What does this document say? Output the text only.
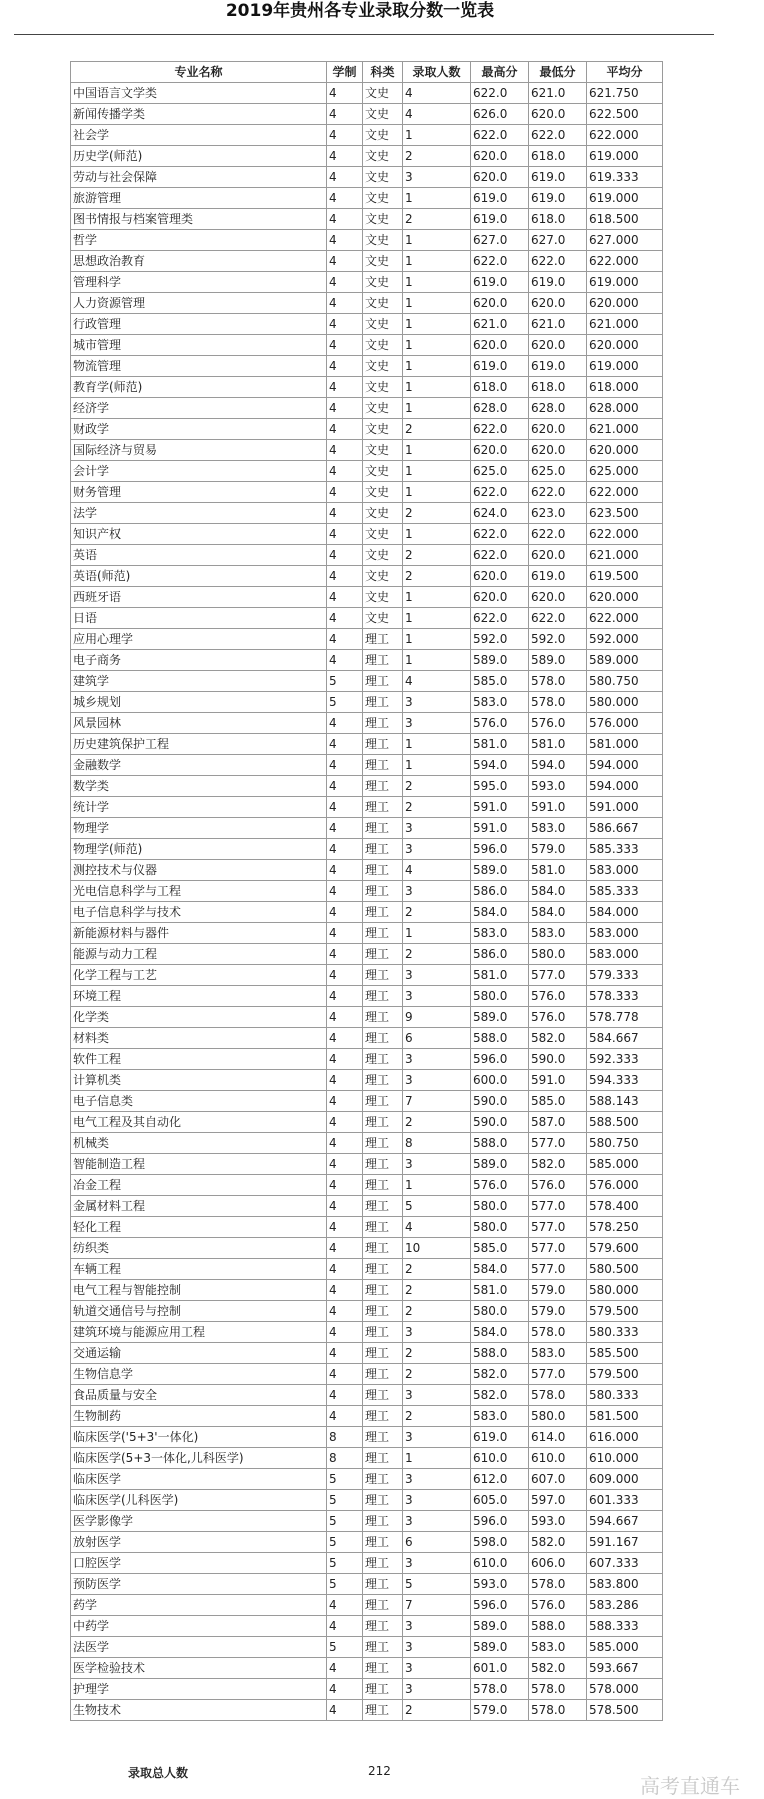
2019年贵州各专业录取分数一览表
专业名称	学制	科类	录取人数	最高分	最低分	平均分
中国语言文学类	4	文史	4	622.0	621.0	621.750
新闻传播学类	4	文史	4	626.0	620.0	622.500
社会学	4	文史	1	622.0	622.0	622.000
历史学(师范)	4	文史	2	620.0	618.0	619.000
劳动与社会保障	4	文史	3	620.0	619.0	619.333
旅游管理	4	文史	1	619.0	619.0	619.000
图书情报与档案管理类	4	文史	2	619.0	618.0	618.500
哲学	4	文史	1	627.0	627.0	627.000
思想政治教育	4	文史	1	622.0	622.0	622.000
管理科学	4	文史	1	619.0	619.0	619.000
人力资源管理	4	文史	1	620.0	620.0	620.000
行政管理	4	文史	1	621.0	621.0	621.000
城市管理	4	文史	1	620.0	620.0	620.000
物流管理	4	文史	1	619.0	619.0	619.000
教育学(师范)	4	文史	1	618.0	618.0	618.000
经济学	4	文史	1	628.0	628.0	628.000
财政学	4	文史	2	622.0	620.0	621.000
国际经济与贸易	4	文史	1	620.0	620.0	620.000
会计学	4	文史	1	625.0	625.0	625.000
财务管理	4	文史	1	622.0	622.0	622.000
法学	4	文史	2	624.0	623.0	623.500
知识产权	4	文史	1	622.0	622.0	622.000
英语	4	文史	2	622.0	620.0	621.000
英语(师范)	4	文史	2	620.0	619.0	619.500
西班牙语	4	文史	1	620.0	620.0	620.000
日语	4	文史	1	622.0	622.0	622.000
应用心理学	4	理工	1	592.0	592.0	592.000
电子商务	4	理工	1	589.0	589.0	589.000
建筑学	5	理工	4	585.0	578.0	580.750
城乡规划	5	理工	3	583.0	578.0	580.000
风景园林	4	理工	3	576.0	576.0	576.000
历史建筑保护工程	4	理工	1	581.0	581.0	581.000
金融数学	4	理工	1	594.0	594.0	594.000
数学类	4	理工	2	595.0	593.0	594.000
统计学	4	理工	2	591.0	591.0	591.000
物理学	4	理工	3	591.0	583.0	586.667
物理学(师范)	4	理工	3	596.0	579.0	585.333
测控技术与仪器	4	理工	4	589.0	581.0	583.000
光电信息科学与工程	4	理工	3	586.0	584.0	585.333
电子信息科学与技术	4	理工	2	584.0	584.0	584.000
新能源材料与器件	4	理工	1	583.0	583.0	583.000
能源与动力工程	4	理工	2	586.0	580.0	583.000
化学工程与工艺	4	理工	3	581.0	577.0	579.333
环境工程	4	理工	3	580.0	576.0	578.333
化学类	4	理工	9	589.0	576.0	578.778
材料类	4	理工	6	588.0	582.0	584.667
软件工程	4	理工	3	596.0	590.0	592.333
计算机类	4	理工	3	600.0	591.0	594.333
电子信息类	4	理工	7	590.0	585.0	588.143
电气工程及其自动化	4	理工	2	590.0	587.0	588.500
机械类	4	理工	8	588.0	577.0	580.750
智能制造工程	4	理工	3	589.0	582.0	585.000
冶金工程	4	理工	1	576.0	576.0	576.000
金属材料工程	4	理工	5	580.0	577.0	578.400
轻化工程	4	理工	4	580.0	577.0	578.250
纺织类	4	理工	10	585.0	577.0	579.600
车辆工程	4	理工	2	584.0	577.0	580.500
电气工程与智能控制	4	理工	2	581.0	579.0	580.000
轨道交通信号与控制	4	理工	2	580.0	579.0	579.500
建筑环境与能源应用工程	4	理工	3	584.0	578.0	580.333
交通运输	4	理工	2	588.0	583.0	585.500
生物信息学	4	理工	2	582.0	577.0	579.500
食品质量与安全	4	理工	3	582.0	578.0	580.333
生物制药	4	理工	2	583.0	580.0	581.500
临床医学('5+3'一体化)	8	理工	3	619.0	614.0	616.000
临床医学(5+3一体化,儿科医学)	8	理工	1	610.0	610.0	610.000
临床医学	5	理工	3	612.0	607.0	609.000
临床医学(儿科医学)	5	理工	3	605.0	597.0	601.333
医学影像学	5	理工	3	596.0	593.0	594.667
放射医学	5	理工	6	598.0	582.0	591.167
口腔医学	5	理工	3	610.0	606.0	607.333
预防医学	5	理工	5	593.0	578.0	583.800
药学	4	理工	7	596.0	576.0	583.286
中药学	4	理工	3	589.0	588.0	588.333
法医学	5	理工	3	589.0	583.0	585.000
医学检验技术	4	理工	3	601.0	582.0	593.667
护理学	4	理工	3	578.0	578.0	578.000
生物技术	4	理工	2	579.0	578.0	578.500
录取总人数	212
高考直通车
